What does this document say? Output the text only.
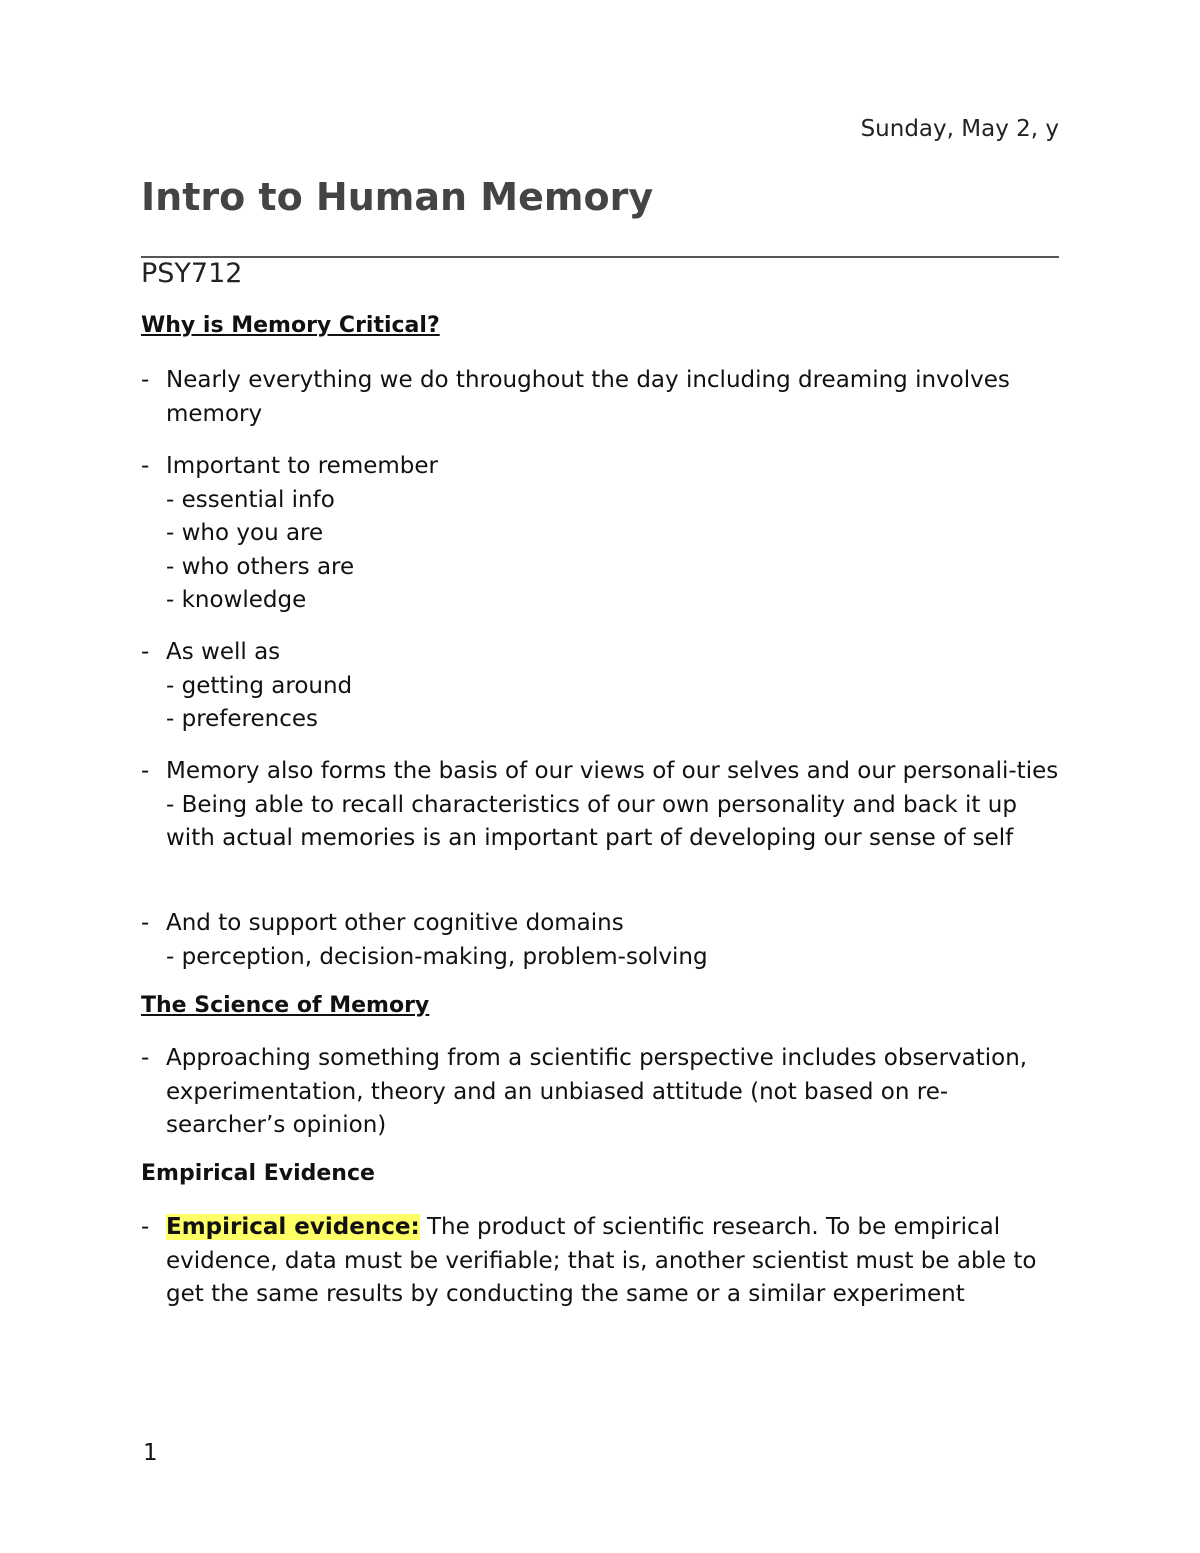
Sunday, May 2, y
Intro to Human Memory
PSY712
Why is Memory Critical?
- Nearly everything we do throughout the day including dreaming involves memory
- Important to remember
- essential info
- who you are
- who others are
- knowledge
- As well as
- getting around
- preferences
- Memory also forms the basis of our views of our selves and our personali-ties
- Being able to recall characteristics of our own personality and back it up with actual memories is an important part of developing our sense of self
- And to support other cognitive domains
- perception, decision-making, problem-solving
The Science of Memory
- Approaching something from a scientific perspective includes observation, experimentation, theory and an unbiased attitude (not based on re-searcher’s opinion)
Empirical Evidence
- Empirical evidence: The product of scientific research. To be empirical evidence, data must be verifiable; that is, another scientist must be able to get the same results by conducting the same or a similar experiment
1
